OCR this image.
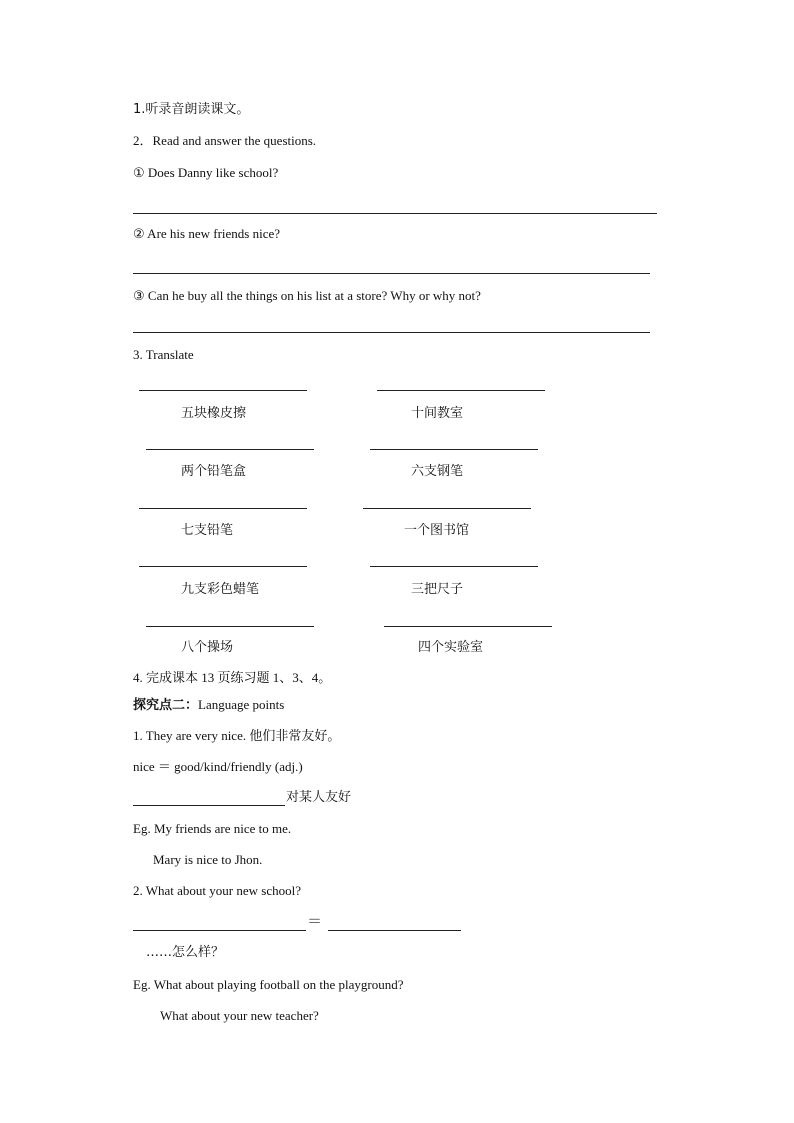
1.听录音朗读课文。
2．Read and answer the questions.
① Does Danny like school?
② Are his new friends nice?
③ Can he buy all the things on his list at a store? Why or why not?
3. Translate
五块橡皮擦	十间教室
两个铅笔盒	六支钢笔
七支铅笔	一个图书馆
九支彩色蜡笔	三把尺子
八个操场	四个实验室
4. 完成课本 13 页练习题 1、3、4。
探究点二：Language points
1. They are very nice. 他们非常友好。
nice ＝ good/kind/friendly (adj.)
对某人友好
Eg. My friends are nice to me.
Mary is nice to Jhon.
2. What about your new school?
＝
……怎么样？
Eg. What about playing football on the playground?
What about your new teacher?
